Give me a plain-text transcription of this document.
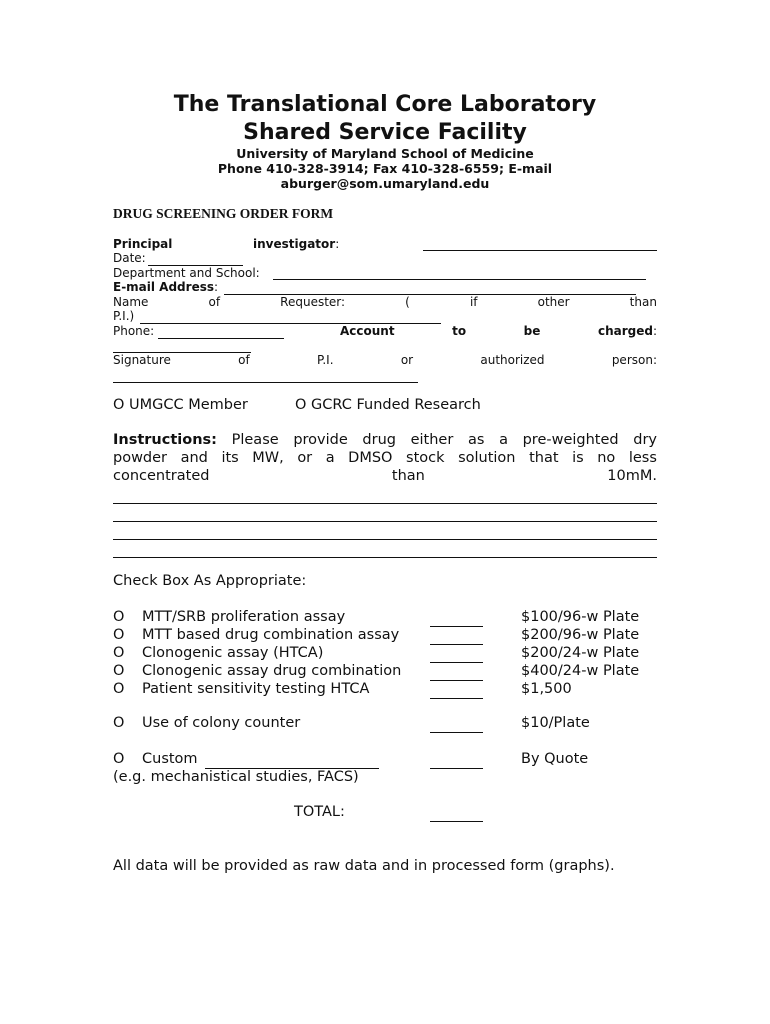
The Translational Core Laboratory
Shared Service Facility
University of Maryland School of Medicine
Phone 410-328-3914; Fax 410-328-6559; E-mail
aburger@som.umaryland.edu
DRUG SCREENING ORDER FORM
Principal	investigator:
Date:
Department and School:
E-mail Address:
Name	of	Requester:	(	if	other	than
P.I.)
Phone:	Account	to	be	charged:
Signature	of	P.I.	or	authorized	person:
O UMGCC Member	O GCRC Funded Research
Instructions: Please provide drug either as a pre-weighted dry
powder and its MW, or a DMSO stock solution that is no less
concentrated	than	10mM.
Check Box As Appropriate:
O MTT/SRB proliferation assay	$100/96-w Plate
O MTT based drug combination assay	$200/96-w Plate
O Clonogenic assay (HTCA)	$200/24-w Plate
O Clonogenic assay drug combination	$400/24-w Plate
O Patient sensitivity testing HTCA	$1,500
O Use of colony counter	$10/Plate
O Custom	By Quote
(e.g. mechanistical studies, FACS)
TOTAL:
All data will be provided as raw data and in processed form (graphs).
